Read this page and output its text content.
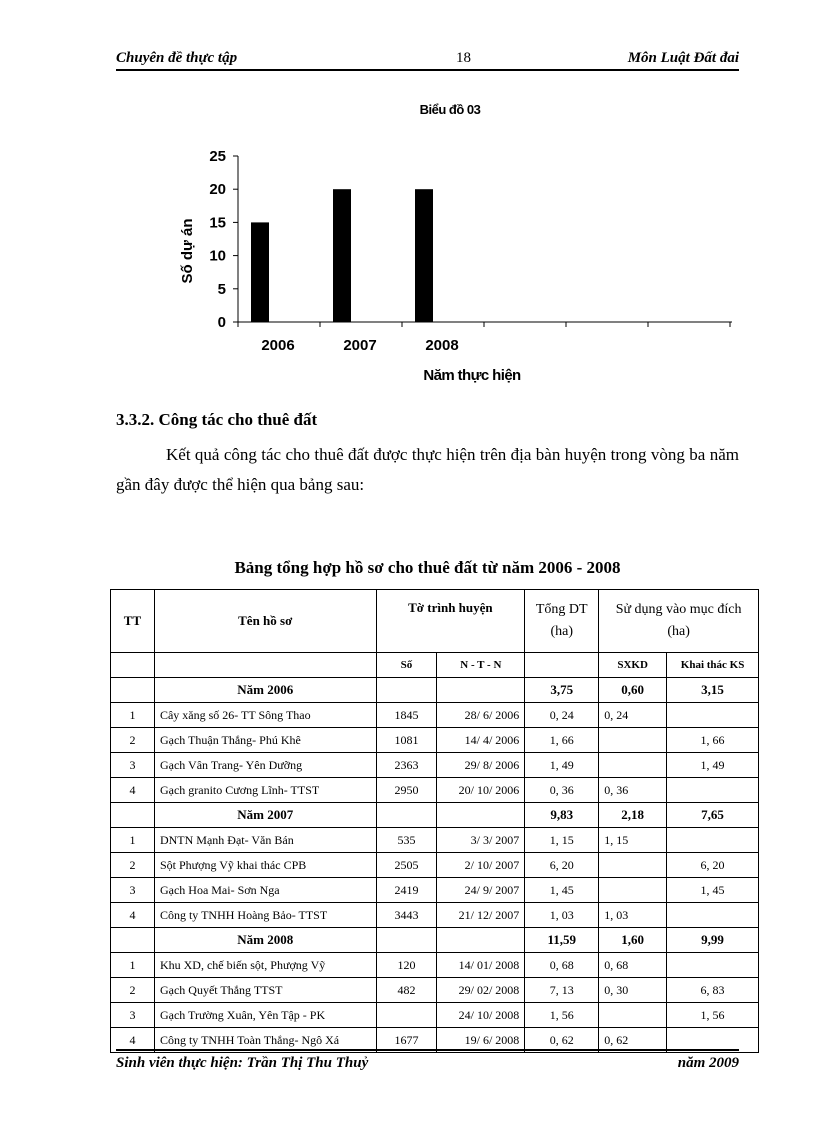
Chuyên đề thực tập	18	Môn Luật Đất đai
Biểu đồ 03
0
5
10
15
20
25
2006	2007	2008
Năm thực hiện
Số dự án
3.3.2. Công tác cho thuê đất
Kết quả công tác cho thuê đất được thực hiện trên địa bàn huyện trong vòng ba năm gần đây được thể hiện qua bảng sau:
Bảng tổng hợp hồ sơ cho thuê đất từ năm 2006 - 2008
TT	Tên hồ sơ	Tờ trình huyện		Tổng DT (ha)	Sử dụng vào mục đích (ha)	
		Số	N - T - N		SXKD	Khai thác KS
	Năm 2006			3,75	0,60	3,15
1	Cây xăng số 26- TT Sông Thao	1845	28/ 6/ 2006	0, 24	0, 24	
2	Gạch Thuận Thắng- Phú Khê	1081	14/ 4/ 2006	1, 66		1, 66
3	Gạch Vân Trang- Yên Dưỡng	2363	29/ 8/ 2006	1, 49		1, 49
4	Gạch granito Cương Lĩnh- TTST	2950	20/ 10/ 2006	0, 36	0, 36	
	Năm 2007			9,83	2,18	7,65
1	DNTN Mạnh Đạt- Văn Bán	535	3/ 3/ 2007	1, 15	1, 15	
2	Sột Phượng Vỹ khai thác CPB	2505	2/ 10/ 2007	6, 20		6, 20
3	Gạch Hoa Mai- Sơn Nga	2419	24/ 9/ 2007	1, 45		1, 45
4	Công ty TNHH Hoàng Bảo- TTST	3443	21/ 12/ 2007	1, 03	1, 03	
	Năm 2008			11,59	1,60	9,99
1	Khu XD, chế biến sột, Phượng Vỹ	120	14/ 01/ 2008	0, 68	0, 68	
2	Gạch Quyết Thắng TTST	482	29/ 02/ 2008	7, 13	0, 30	6, 83
3	Gạch Trường Xuân, Yên Tập - PK		24/ 10/ 2008	1, 56		1, 56
4	Công ty TNHH Toàn Thắng- Ngô Xá	1677	19/ 6/ 2008	0, 62	0, 62	
Sinh viên thực hiện: Trần Thị Thu Thuỷ	năm 2009
